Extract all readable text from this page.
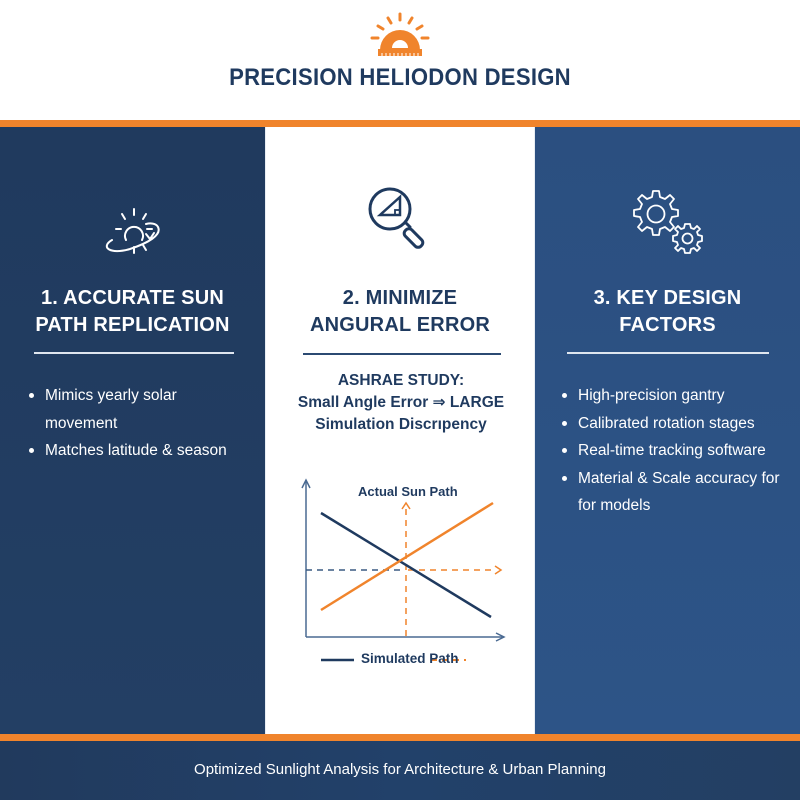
PRECISION HELIODON DESIGN
1. ACCURATE SUN
PATH REPLICATION
Mimics yearly solar movement
Matches latitude & season
2. MINIMIZE
ANGURAL ERROR
ASHRAE STUDY:
Small Angle Error ⇒ LARGE
Simulation Discrıpency
Actual Sun Path
Simulated Path
3. KEY DESIGN
FACTORS
High-precision gantry
Calibrated rotation stages
Real-time tracking software
Material & Scale accuracy for for models
Optimized Sunlight Analysis for Architecture & Urban Planning
